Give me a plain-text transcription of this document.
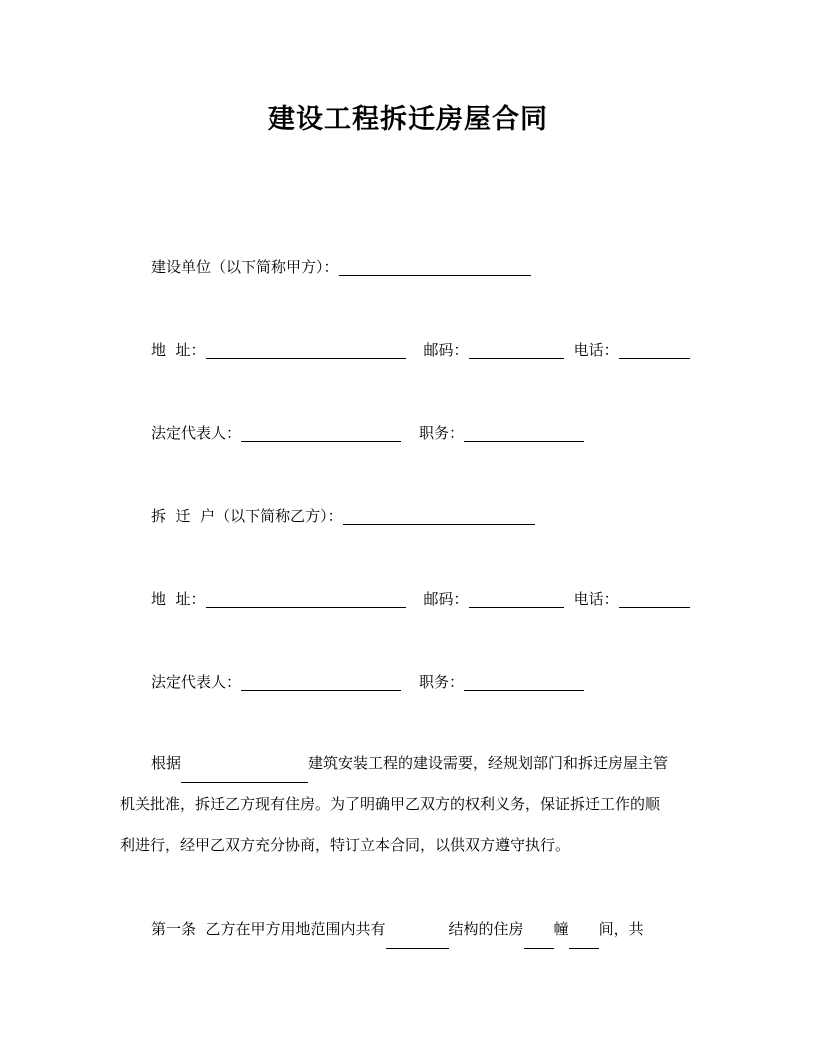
建设工程拆迁房屋合同
建设单位（以下简称甲方）：
地  址：	邮码：	电话：
法定代表人：	职务：
拆  迁  户（以下简称乙方）：
地  址：	邮码：	电话：
法定代表人：	职务：
根据	建筑安装工程的建设需要，经规划部门和拆迁房屋主管
机关批准，拆迁乙方现有住房。为了明确甲乙双方的权利义务，保证拆迁工作的顺
利进行，经甲乙双方充分协商，特订立本合同，以供双方遵守执行。
第一条  乙方在甲方用地范围内共有	结构的住房 幢 间，共
